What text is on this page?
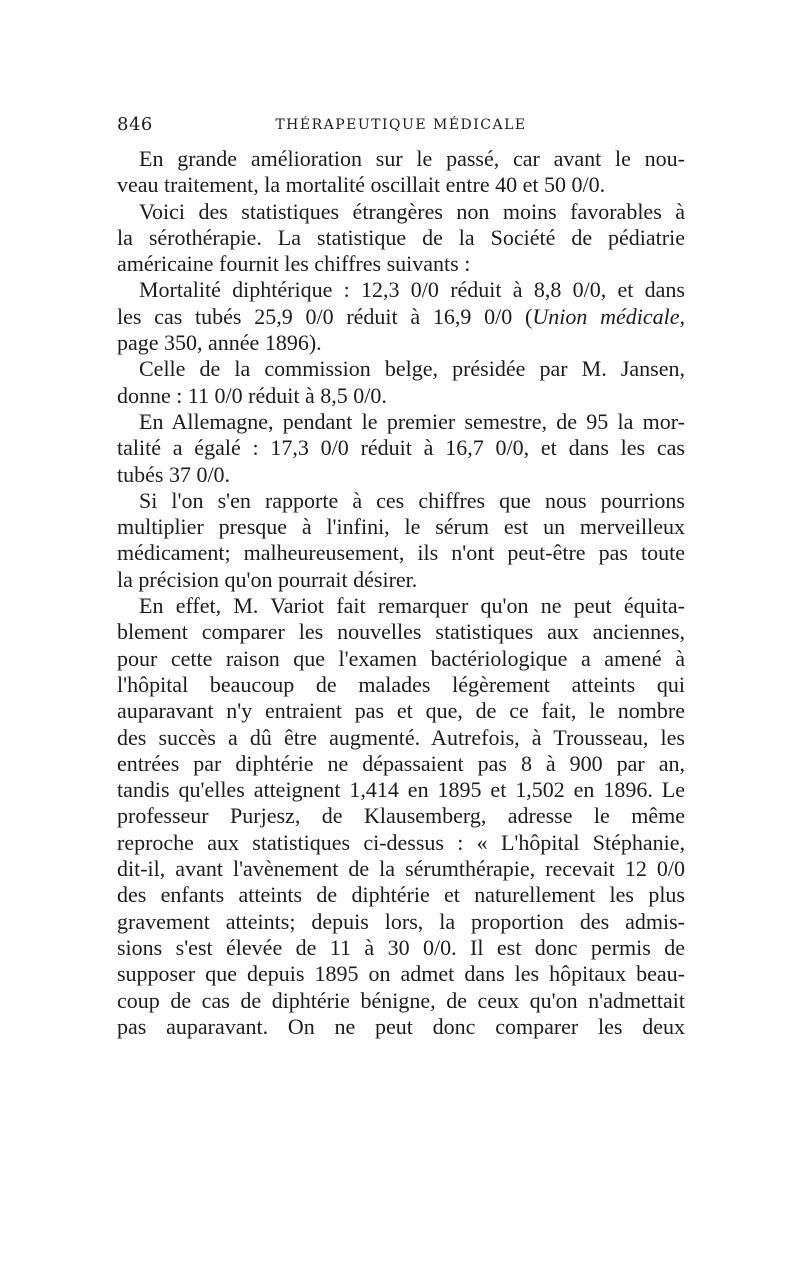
846	THÉRAPEUTIQUE MÉDICALE
En grande amélioration sur le passé, car avant le nou-
veau traitement, la mortalité oscillait entre 40 et 50 0/0.
Voici des statistiques étrangères non moins favorables à
la sérothérapie. La statistique de la Société de pédiatrie
américaine fournit les chiffres suivants :
Mortalité diphtérique : 12,3 0/0 réduit à 8,8 0/0, et dans
les cas tubés 25,9 0/0 réduit à 16,9 0/0 (Union médicale,
page 350, année 1896).
Celle de la commission belge, présidée par M. Jansen,
donne : 11 0/0 réduit à 8,5 0/0.
En Allemagne, pendant le premier semestre, de 95 la mor-
talité a égalé : 17,3 0/0 réduit à 16,7 0/0, et dans les cas
tubés 37 0/0.
Si l'on s'en rapporte à ces chiffres que nous pourrions
multiplier presque à l'infini, le sérum est un merveilleux
médicament; malheureusement, ils n'ont peut-être pas toute
la précision qu'on pourrait désirer.
En effet, M. Variot fait remarquer qu'on ne peut équita-
blement comparer les nouvelles statistiques aux anciennes,
pour cette raison que l'examen bactériologique a amené à
l'hôpital beaucoup de malades légèrement atteints qui
auparavant n'y entraient pas et que, de ce fait, le nombre
des succès a dû être augmenté. Autrefois, à Trousseau, les
entrées par diphtérie ne dépassaient pas 8 à 900 par an,
tandis qu'elles atteignent 1,414 en 1895 et 1,502 en 1896. Le
professeur Purjesz, de Klausemberg, adresse le même
reproche aux statistiques ci-dessus : « L'hôpital Stéphanie,
dit-il, avant l'avènement de la sérumthérapie, recevait 12 0/0
des enfants atteints de diphtérie et naturellement les plus
gravement atteints; depuis lors, la proportion des admis-
sions s'est élevée de 11 à 30 0/0. Il est donc permis de
supposer que depuis 1895 on admet dans les hôpitaux beau-
coup de cas de diphtérie bénigne, de ceux qu'on n'admettait
pas auparavant. On ne peut donc comparer les deux
